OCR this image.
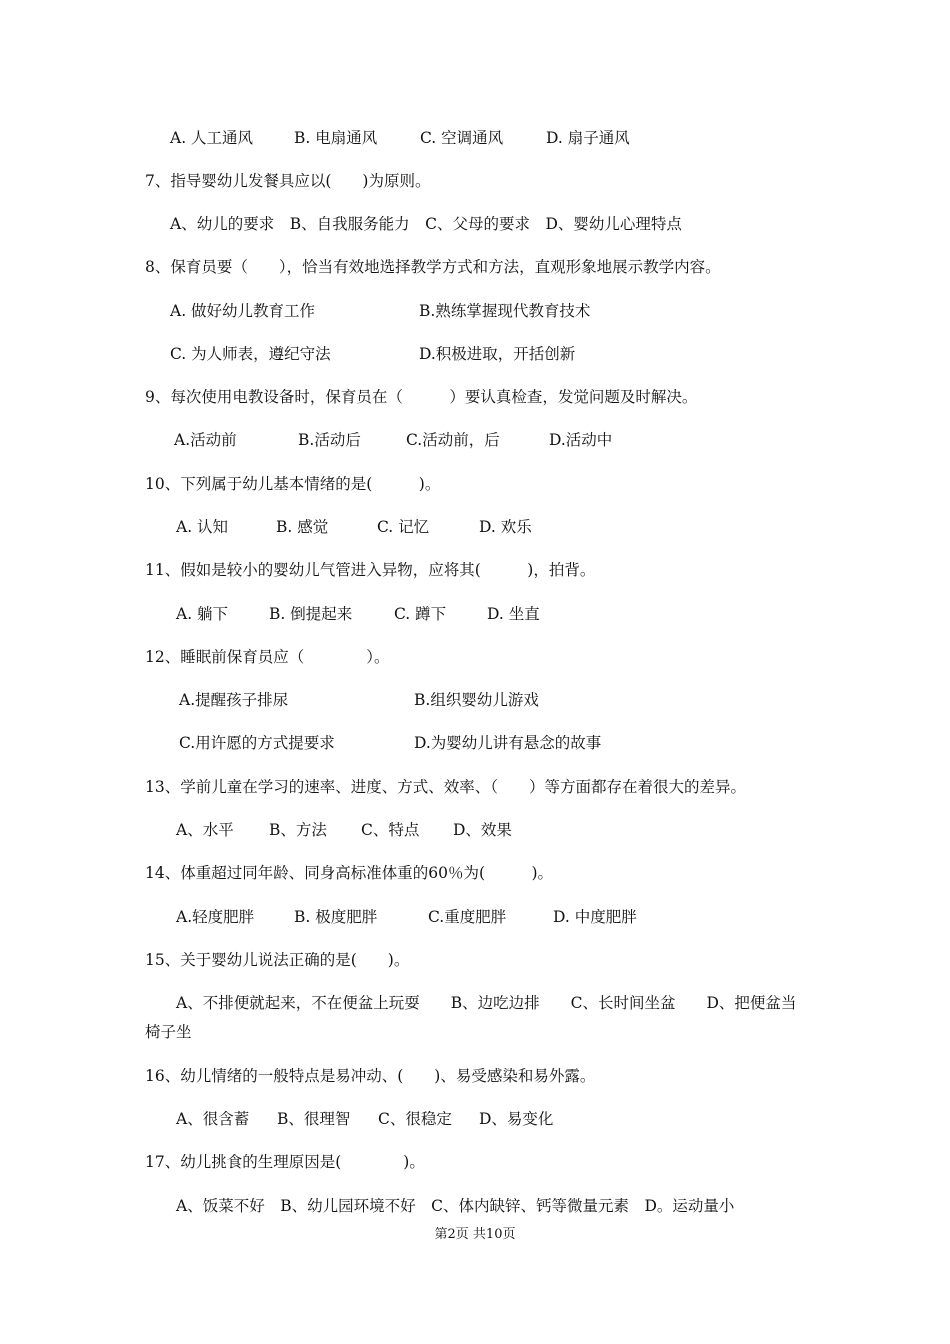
A. 人工通风	B. 电扇通风	C. 空调通风	D. 扇子通风
7、指导婴幼儿发餐具应以(　　)为原则。
A、幼儿的要求　B、自我服务能力　C、父母的要求　D、婴幼儿心理特点
8、保育员要（　　），恰当有效地选择教学方式和方法，直观形象地展示教学内容。
A. 做好幼儿教育工作	B.熟练掌握现代教育技术
C. 为人师表，遵纪守法	D.积极进取，开括创新
9、每次使用电教设备时，保育员在（　　　）要认真检查，发觉问题及时解决。
A.活动前	B.活动后	C.活动前，后	D.活动中
10、下列属于幼儿基本情绪的是(　　　)。
A. 认知	B. 感觉	C. 记忆	D. 欢乐
11、假如是较小的婴幼儿气管进入异物，应将其(　　　)，拍背。
A. 躺下	B. 倒提起来	C. 蹲下	D. 坐直
12、睡眠前保育员应（　　　　）。
A.提醒孩子排尿	B.组织婴幼儿游戏
C.用许愿的方式提要求	D.为婴幼儿讲有悬念的故事
13、学前儿童在学习的速率、进度、方式、效率、（　　）等方面都存在着很大的差异。
A、水平 B、方法 C、特点 D、效果
14、体重超过同年龄、同身高标准体重的60％为(　　　)。
A.轻度肥胖	B. 极度肥胖	C.重度肥胖	D. 中度肥胖
15、关于婴幼儿说法正确的是(　　)。
A、不排便就起来，不在便盆上玩耍　　B、边吃边排　　C、长时间坐盆　　D、把便盆当
椅子坐
16、幼儿情绪的一般特点是易冲动、(　　)、易受感染和易外露。
A、很含蓄 B、很理智 C、很稳定 D、易变化
17、幼儿挑食的生理原因是(　　　　)。
A、饭菜不好　B、幼儿园环境不好　C、体内缺锌、钙等微量元素　D。运动量小
第2页 共10页
